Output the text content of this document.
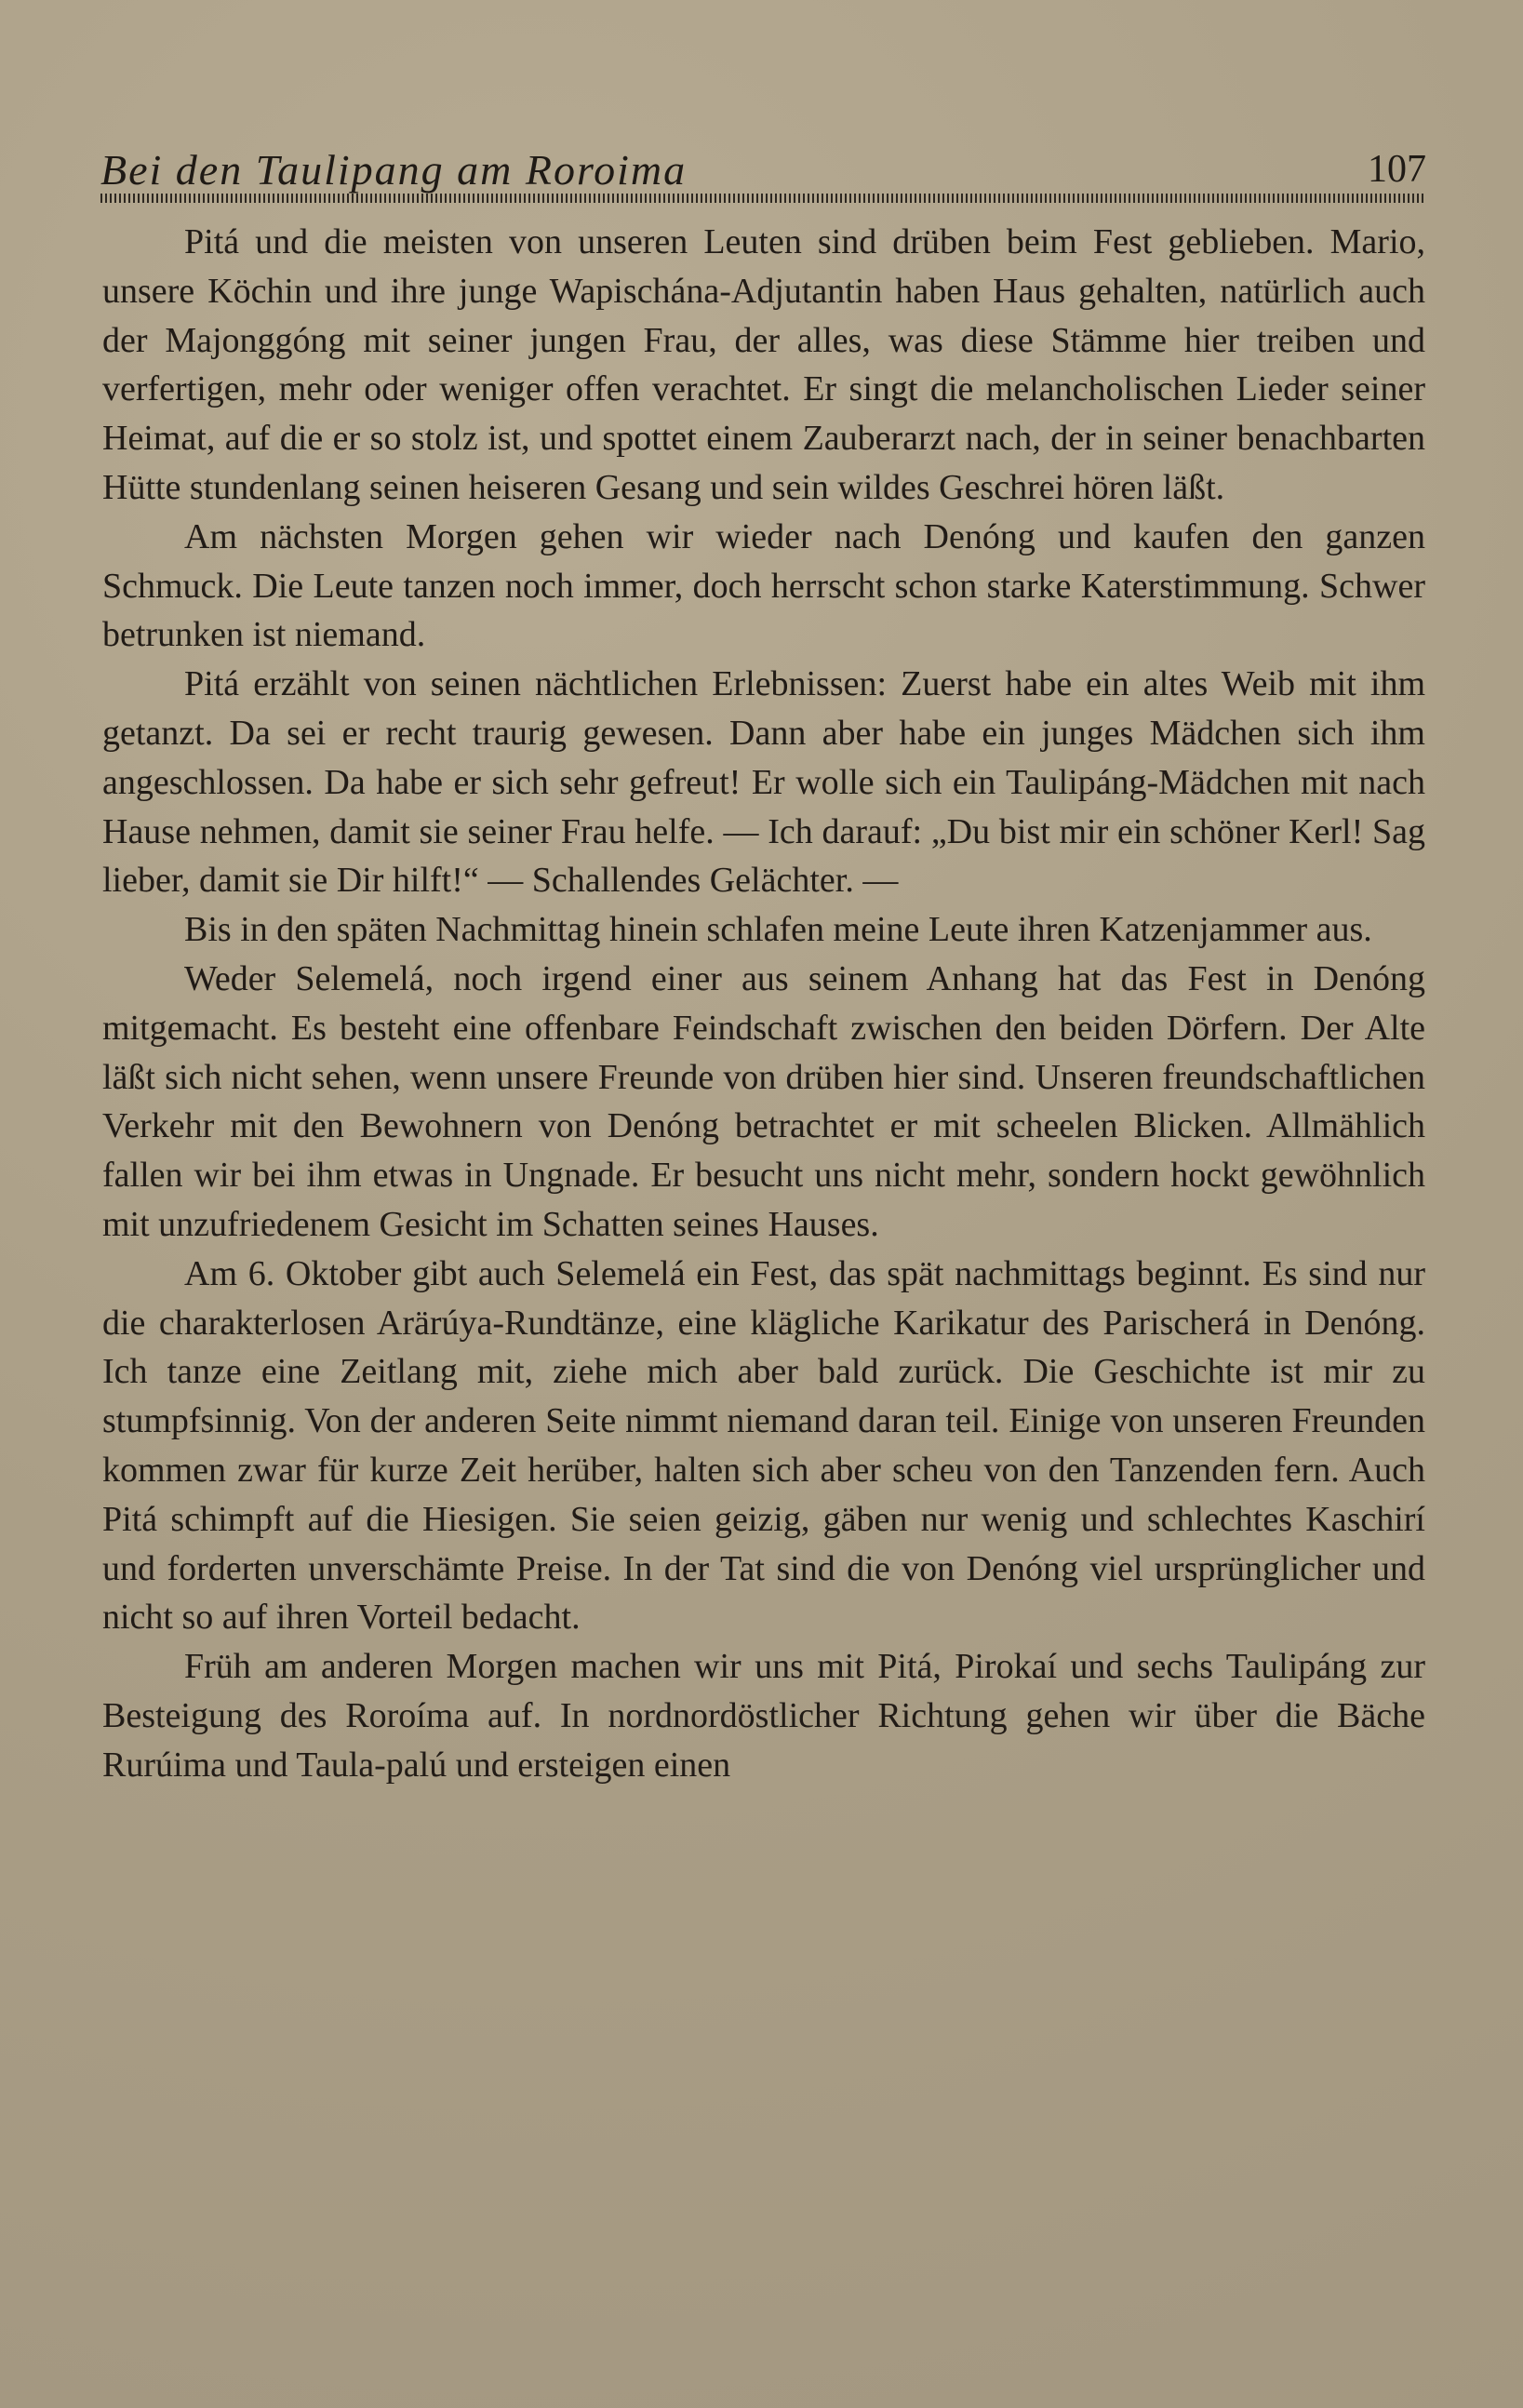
Bei den Taulipang am Roroima	107

Pitá und die meisten von unseren Leuten sind drüben beim Fest geblieben. Mario, unsere Köchin und ihre junge Wapischána-Adjutantin haben Haus gehalten, natürlich auch der Majonggóng mit seiner jungen Frau, der alles, was diese Stämme hier treiben und verfertigen, mehr oder weniger offen verachtet. Er singt die melancholischen Lieder seiner Heimat, auf die er so stolz ist, und spottet einem Zauberarzt nach, der in seiner benachbarten Hütte stundenlang seinen heiseren Gesang und sein wildes Geschrei hören läßt.

Am nächsten Morgen gehen wir wieder nach Denóng und kaufen den ganzen Schmuck. Die Leute tanzen noch immer, doch herrscht schon starke Katerstimmung. Schwer betrunken ist niemand.

Pitá erzählt von seinen nächtlichen Erlebnissen: Zuerst habe ein altes Weib mit ihm getanzt. Da sei er recht traurig gewesen. Dann aber habe ein junges Mädchen sich ihm angeschlossen. Da habe er sich sehr gefreut! Er wolle sich ein Taulipáng-Mädchen mit nach Hause nehmen, damit sie seiner Frau helfe. — Ich darauf: „Du bist mir ein schöner Kerl! Sag lieber, damit sie Dir hilft!“ — Schallendes Gelächter. —

Bis in den späten Nachmittag hinein schlafen meine Leute ihren Katzenjammer aus.

Weder Selemelá, noch irgend einer aus seinem Anhang hat das Fest in Denóng mitgemacht. Es besteht eine offenbare Feindschaft zwischen den beiden Dörfern. Der Alte läßt sich nicht sehen, wenn unsere Freunde von drüben hier sind. Unseren freundschaftlichen Verkehr mit den Bewohnern von Denóng betrachtet er mit scheelen Blicken. Allmählich fallen wir bei ihm etwas in Ungnade. Er besucht uns nicht mehr, sondern hockt gewöhnlich mit unzufriedenem Gesicht im Schatten seines Hauses.

Am 6. Oktober gibt auch Selemelá ein Fest, das spät nachmittags beginnt. Es sind nur die charakterlosen Arärúya-Rundtänze, eine klägliche Karikatur des Parischerá in Denóng. Ich tanze eine Zeitlang mit, ziehe mich aber bald zurück. Die Geschichte ist mir zu stumpfsinnig. Von der anderen Seite nimmt niemand daran teil. Einige von unseren Freunden kommen zwar für kurze Zeit herüber, halten sich aber scheu von den Tanzenden fern. Auch Pitá schimpft auf die Hiesigen. Sie seien geizig, gäben nur wenig und schlechtes Kaschirí und forderten unverschämte Preise. In der Tat sind die von Denóng viel ursprünglicher und nicht so auf ihren Vorteil bedacht.

Früh am anderen Morgen machen wir uns mit Pitá, Pirokaí und sechs Taulipáng zur Besteigung des Roroíma auf. In nordnordöstlicher Richtung gehen wir über die Bäche Rurúima und Taula-palú und ersteigen einen
